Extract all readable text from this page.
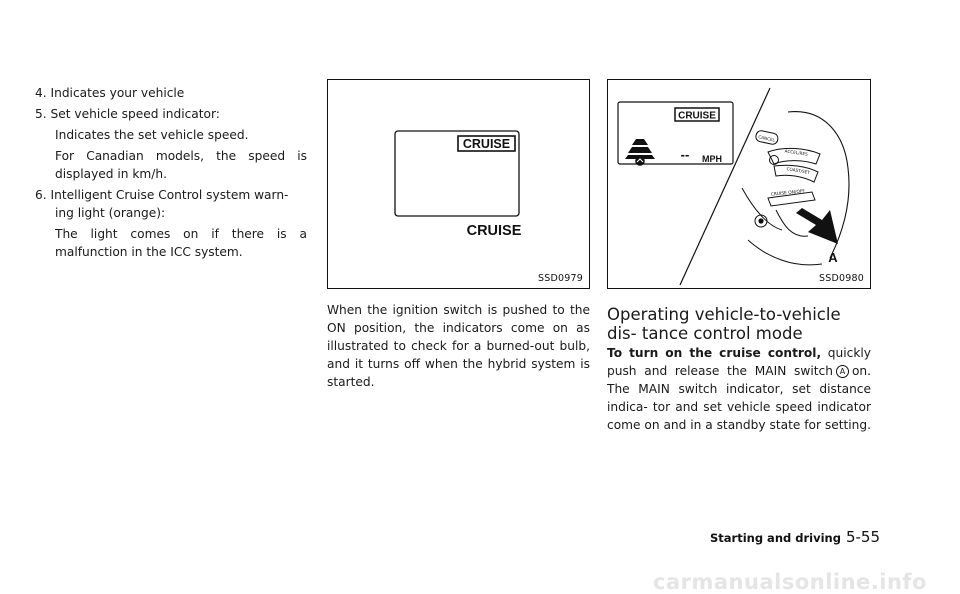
4. Indicates your vehicle

5. Set vehicle speed indicator:

Indicates the set vehicle speed.

For Canadian models, the speed is displayed in km/h.

6. Intelligent Cruise Control system warn- ing light (orange):

The light comes on if there is a malfunction in the ICC system.

CRUISE
CRUISE
SSD0979

When the ignition switch is pushed to the ON position, the indicators come on as illustrated to check for a burned-out bulb, and it turns off when the hybrid system is started.

CRUISE
-- MPH
CANCEL
ACCEL/RES
COAST/SET
CRUISE ON/OFF
A
SSD0980
Operating vehicle-to-vehicle dis- tance control mode

To turn on the cruise control, quickly push and release the MAIN switch A on. The MAIN switch indicator, set distance indica- tor and set vehicle speed indicator come on and in a standby state for setting.

Starting and driving 5-55
carmanualsonline.info
